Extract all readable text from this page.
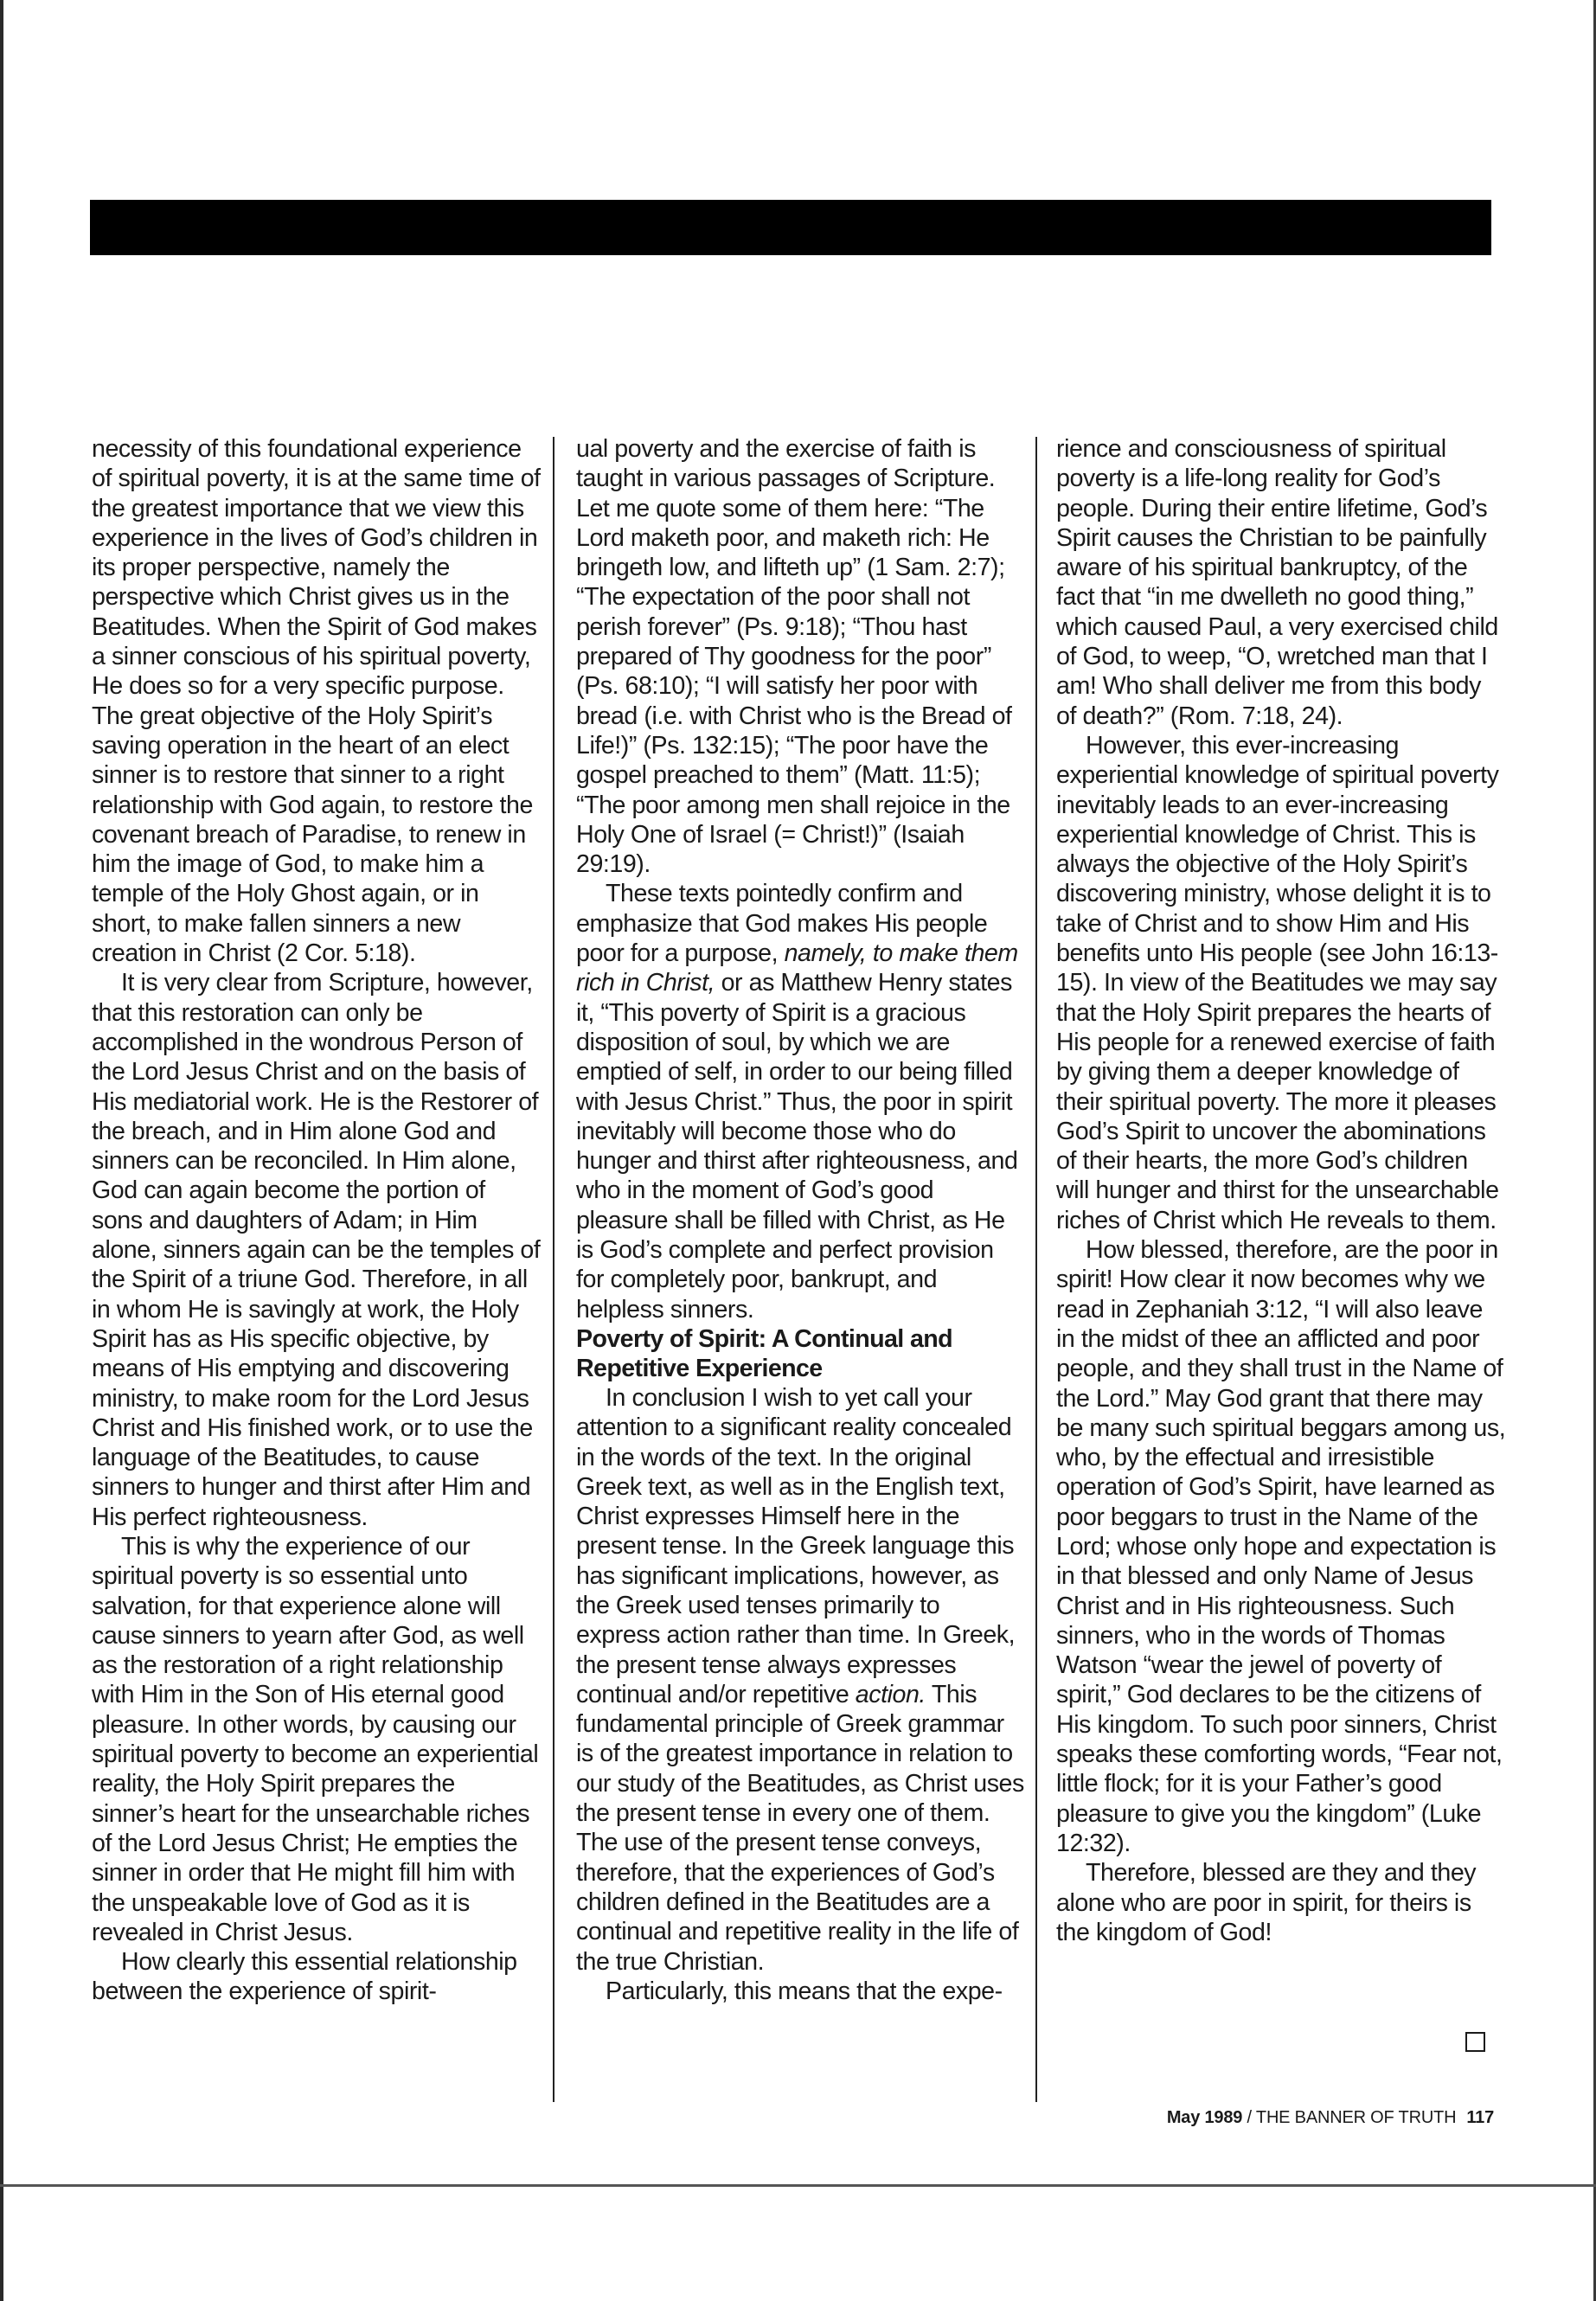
necessity of this foundational experience of spiritual poverty, it is at the same time of the greatest importance that we view this experience in the lives of God’s children in its proper perspective, namely the perspective which Christ gives us in the Beatitudes. When the Spirit of God makes a sinner conscious of his spiritual poverty, He does so for a very specific purpose. The great objective of the Holy Spirit’s saving operation in the heart of an elect sinner is to restore that sinner to a right relationship with God again, to restore the covenant breach of Paradise, to renew in him the image of God, to make him a temple of the Holy Ghost again, or in short, to make fallen sinners a new creation in Christ (2 Cor. 5:18).

It is very clear from Scripture, however, that this restoration can only be accomplished in the wondrous Person of the Lord Jesus Christ and on the basis of His mediatorial work. He is the Restorer of the breach, and in Him alone God and sinners can be reconciled. In Him alone, God can again become the portion of sons and daughters of Adam; in Him alone, sinners again can be the temples of the Spirit of a triune God. Therefore, in all in whom He is savingly at work, the Holy Spirit has as His specific objective, by means of His emptying and discovering ministry, to make room for the Lord Jesus Christ and His finished work, or to use the language of the Beatitudes, to cause sinners to hunger and thirst after Him and His perfect righteousness.

This is why the experience of our spiritual poverty is so essential unto salvation, for that experience alone will cause sinners to yearn after God, as well as the restoration of a right relationship with Him in the Son of His eternal good pleasure. In other words, by causing our spiritual poverty to become an experiential reality, the Holy Spirit prepares the sinner’s heart for the unsearchable riches of the Lord Jesus Christ; He empties the sinner in order that He might fill him with the unspeakable love of God as it is revealed in Christ Jesus.

How clearly this essential relationship between the experience of spirit-

ual poverty and the exercise of faith is taught in various passages of Scripture. Let me quote some of them here: “The Lord maketh poor, and maketh rich: He bringeth low, and lifteth up” (1 Sam. 2:7); “The expectation of the poor shall not perish forever” (Ps. 9:18); “Thou hast prepared of Thy goodness for the poor” (Ps. 68:10); “I will satisfy her poor with bread (i.e. with Christ who is the Bread of Life!)” (Ps. 132:15); “The poor have the gospel preached to them” (Matt. 11:5); “The poor among men shall rejoice in the Holy One of Israel (= Christ!)” (Isaiah 29:19).

These texts pointedly confirm and emphasize that God makes His people poor for a purpose, namely, to make them rich in Christ, or as Matthew Henry states it, “This poverty of Spirit is a gracious disposition of soul, by which we are emptied of self, in order to our being filled with Jesus Christ.” Thus, the poor in spirit inevitably will become those who do hunger and thirst after righteousness, and who in the moment of God’s good pleasure shall be filled with Christ, as He is God’s complete and perfect provision for completely poor, bankrupt, and helpless sinners.

Poverty of Spirit: A Continual and Repetitive Experience

In conclusion I wish to yet call your attention to a significant reality concealed in the words of the text. In the original Greek text, as well as in the English text, Christ expresses Himself here in the present tense. In the Greek language this has significant implications, however, as the Greek used tenses primarily to express action rather than time. In Greek, the present tense always expresses continual and/or repetitive action. This fundamental principle of Greek grammar is of the greatest importance in relation to our study of the Beatitudes, as Christ uses the present tense in every one of them. The use of the present tense conveys, therefore, that the experiences of God’s children defined in the Beatitudes are a continual and repetitive reality in the life of the true Christian.

Particularly, this means that the expe-

rience and consciousness of spiritual poverty is a life-long reality for God’s people. During their entire lifetime, God’s Spirit causes the Christian to be painfully aware of his spiritual bankruptcy, of the fact that “in me dwelleth no good thing,” which caused Paul, a very exercised child of God, to weep, “O, wretched man that I am! Who shall deliver me from this body of death?” (Rom. 7:18, 24).

However, this ever-increasing experiential knowledge of spiritual poverty inevitably leads to an ever-increasing experiential knowledge of Christ. This is always the objective of the Holy Spirit’s discovering ministry, whose delight it is to take of Christ and to show Him and His benefits unto His people (see John 16:13-15). In view of the Beatitudes we may say that the Holy Spirit prepares the hearts of His people for a renewed exercise of faith by giving them a deeper knowledge of their spiritual poverty. The more it pleases God’s Spirit to uncover the abominations of their hearts, the more God’s children will hunger and thirst for the unsearchable riches of Christ which He reveals to them.

How blessed, therefore, are the poor in spirit! How clear it now becomes why we read in Zephaniah 3:12, “I will also leave in the midst of thee an afflicted and poor people, and they shall trust in the Name of the Lord.” May God grant that there may be many such spiritual beggars among us, who, by the effectual and irresistible operation of God’s Spirit, have learned as poor beggars to trust in the Name of the Lord; whose only hope and expectation is in that blessed and only Name of Jesus Christ and in His righteousness. Such sinners, who in the words of Thomas Watson “wear the jewel of poverty of spirit,” God declares to be the citizens of His kingdom. To such poor sinners, Christ speaks these comforting words, “Fear not, little flock; for it is your Father’s good pleasure to give you the kingdom” (Luke 12:32).

Therefore, blessed are they and they alone who are poor in spirit, for theirs is the kingdom of God!

May 1989 / THE BANNER OF TRUTH 117
